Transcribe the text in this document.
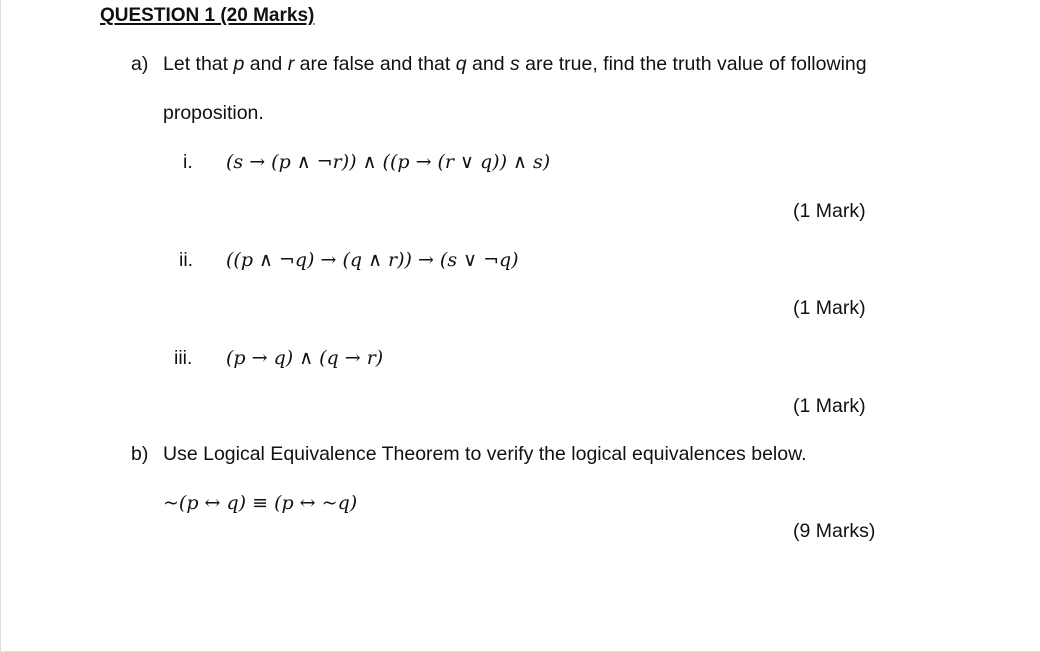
QUESTION 1 (20 Marks)
a) Let that p and r are false and that q and s are true, find the truth value of following
proposition.
i. (s → (p ∧ ¬r)) ∧ ((p → (r ∨ q)) ∧ s)
(1 Mark)
ii. ((p ∧ ¬q) → (q ∧ r)) → (s ∨ ¬q)
(1 Mark)
iii. (p → q) ∧ (q → r)
(1 Mark)
b) Use Logical Equivalence Theorem to verify the logical equivalences below.
~(p ↔ q) ≡ (p ↔ ~q)
(9 Marks)
